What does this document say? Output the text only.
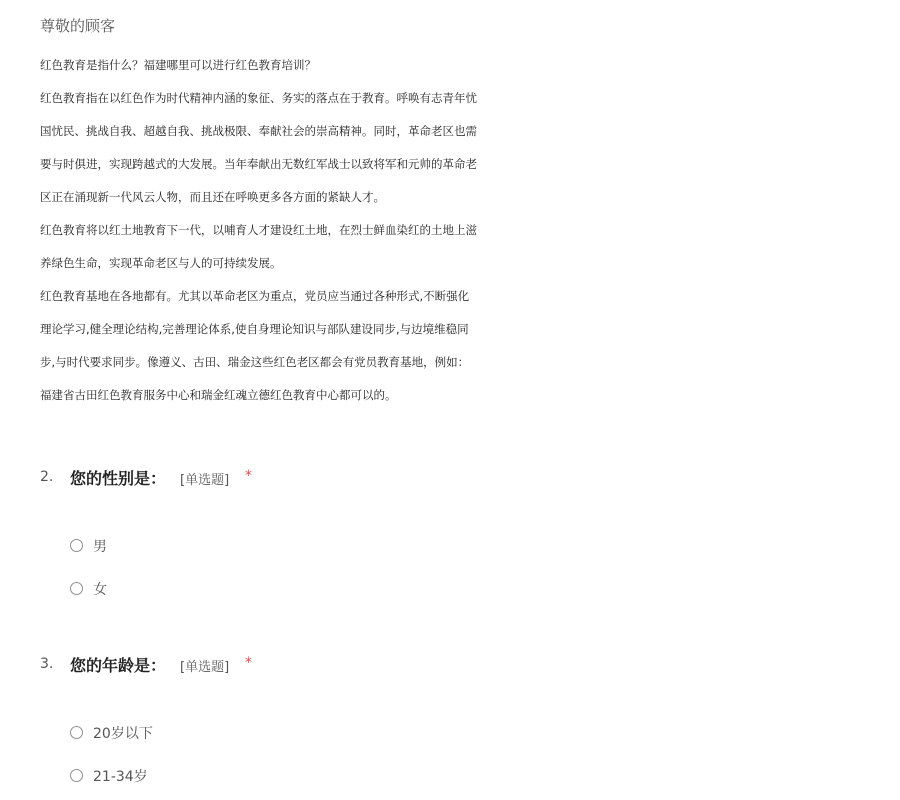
尊敬的顾客
红色教育是指什么？福建哪里可以进行红色教育培训？
红色教育指在以红色作为时代精神内涵的象征、务实的落点在于教育。呼唤有志青年忧国忧民、挑战自我、超越自我、挑战极限、奉献社会的崇高精神。同时，革命老区也需要与时俱进，实现跨越式的大发展。当年奉献出无数红军战士以致将军和元帅的革命老区正在涌现新一代风云人物，而且还在呼唤更多各方面的紧缺人才。
红色教育将以红土地教育下一代，以哺育人才建设红土地，在烈士鲜血染红的土地上滋养绿色生命，实现革命老区与人的可持续发展。
红色教育基地在各地都有。尤其以革命老区为重点，党员应当通过各种形式,不断强化理论学习,健全理论结构,完善理论体系,使自身理论知识与部队建设同步,与边境维稳同步,与时代要求同步。像遵义、古田、瑞金这些红色老区都会有党员教育基地，例如：福建省古田红色教育服务中心和瑞金红魂立德红色教育中心都可以的。
2. 您的性别是： [单选题] *
男
女
3. 您的年龄是： [单选题] *
20岁以下
21-34岁
